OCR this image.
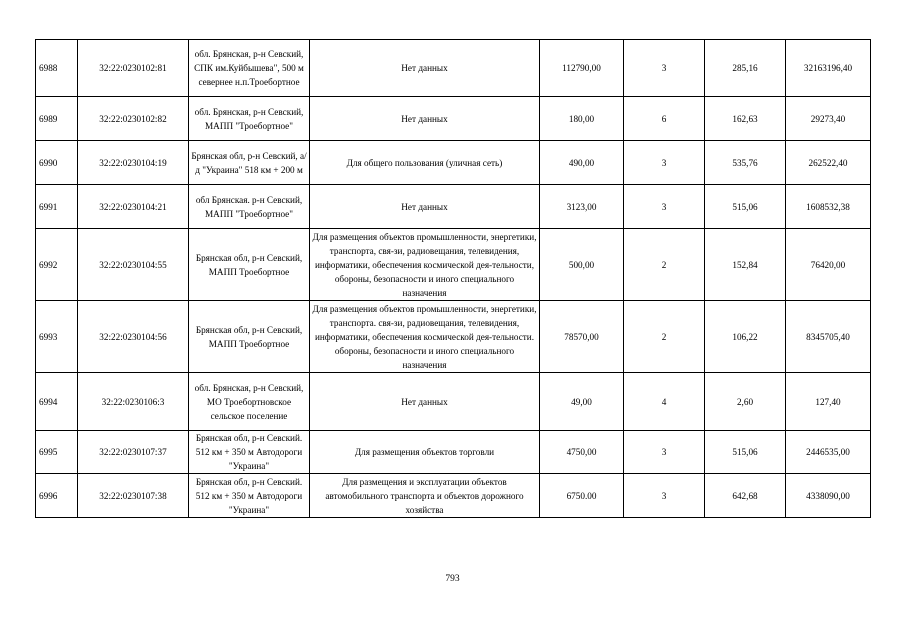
6988	32:22:0230102:81	обл. Брянская, р-н Севский, СПК им.Куйбышева", 500 м севернее н.п.Троебортное	Нет данных	112790,00	3	285,16	32163196,40
6989	32:22:0230102:82	обл. Брянская, р-н Севский, МАПП "Троебортное"	Нет данных	180,00	6	162,63	29273,40
6990	32:22:0230104:19	Брянская обл, р-н Севский, а/д "Украина" 518 км + 200 м	Для общего пользования (уличная сеть)	490,00	3	535,76	262522,40
6991	32:22:0230104:21	обл Брянская. р-н Севский, МАПП "Троебортное"	Нет данных	3123,00	3	515,06	1608532,38
6992	32:22:0230104:55	Брянская обл, р-н Севский, МАПП Троебортное	Для размещения объектов промышленности, энергетики, транспорта, свя-зи, радиовещания, телевидения, информатики, обеспечения космической дея-тельности, обороны, безопасности и иного специального назначения	500,00	2	152,84	76420,00
6993	32:22:0230104:56	Брянская обл, р-н Севский, МАПП Троебортное	Для размещения объектов промышленности, энергетики, транспорта. свя-зи, радиовещания, телевидения, информатики, обеспечения космической дея-тельности. обороны, безопасности и иного специального назначения	78570,00	2	106,22	8345705,40
6994	32:22:0230106:3	обл. Брянская, р-н Севский, МО Троебортновское сельское поселение	Нет данных	49,00	4	2,60	127,40
6995	32:22:0230107:37	Брянская обл, р-н Севский. 512 км + 350 м Автодороги "Украина"	Для размещения объектов торговли	4750,00	3	515,06	2446535,00
6996	32:22:0230107:38	Брянская обл, р-н Севский. 512 км + 350 м Автодороги "Украина"	Для размещения и эксплуатации объектов автомобильного транспорта и объектов дорожного хозяйства	6750.00	3	642,68	4338090,00
793
